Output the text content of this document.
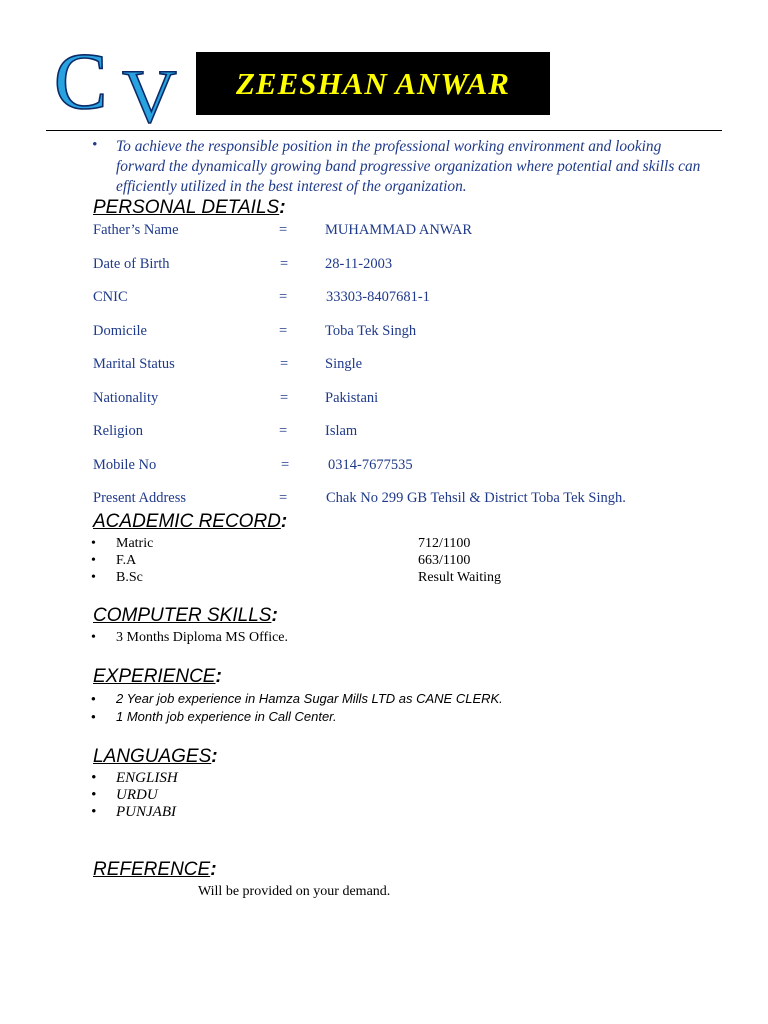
C V	ZEESHAN ANWAR
• To achieve the responsible position in the professional working environment and looking forward the dynamically growing band progressive organization where potential and skills can efficiently utilized in the best interest of the organization.
PERSONAL DETAILS:
Father’s Name	=	MUHAMMAD ANWAR
Date of Birth	=	28-11-2003
CNIC	=	33303-8407681-1
Domicile	=	Toba Tek Singh
Marital Status	=	Single
Nationality	=	Pakistani
Religion	=	Islam
Mobile No	=	0314-7677535
Present Address	=	Chak No 299 GB Tehsil & District Toba Tek Singh.
ACADEMIC RECORD:
• Matric	712/1100
• F.A	663/1100
• B.Sc	Result Waiting
COMPUTER SKILLS:
• 3 Months Diploma MS Office.
EXPERIENCE:
• 2 Year job experience in Hamza Sugar Mills LTD as CANE CLERK.
• 1 Month job experience in Call Center.
LANGUAGES:
• ENGLISH
• URDU
• PUNJABI
REFERENCE:
Will be provided on your demand.
